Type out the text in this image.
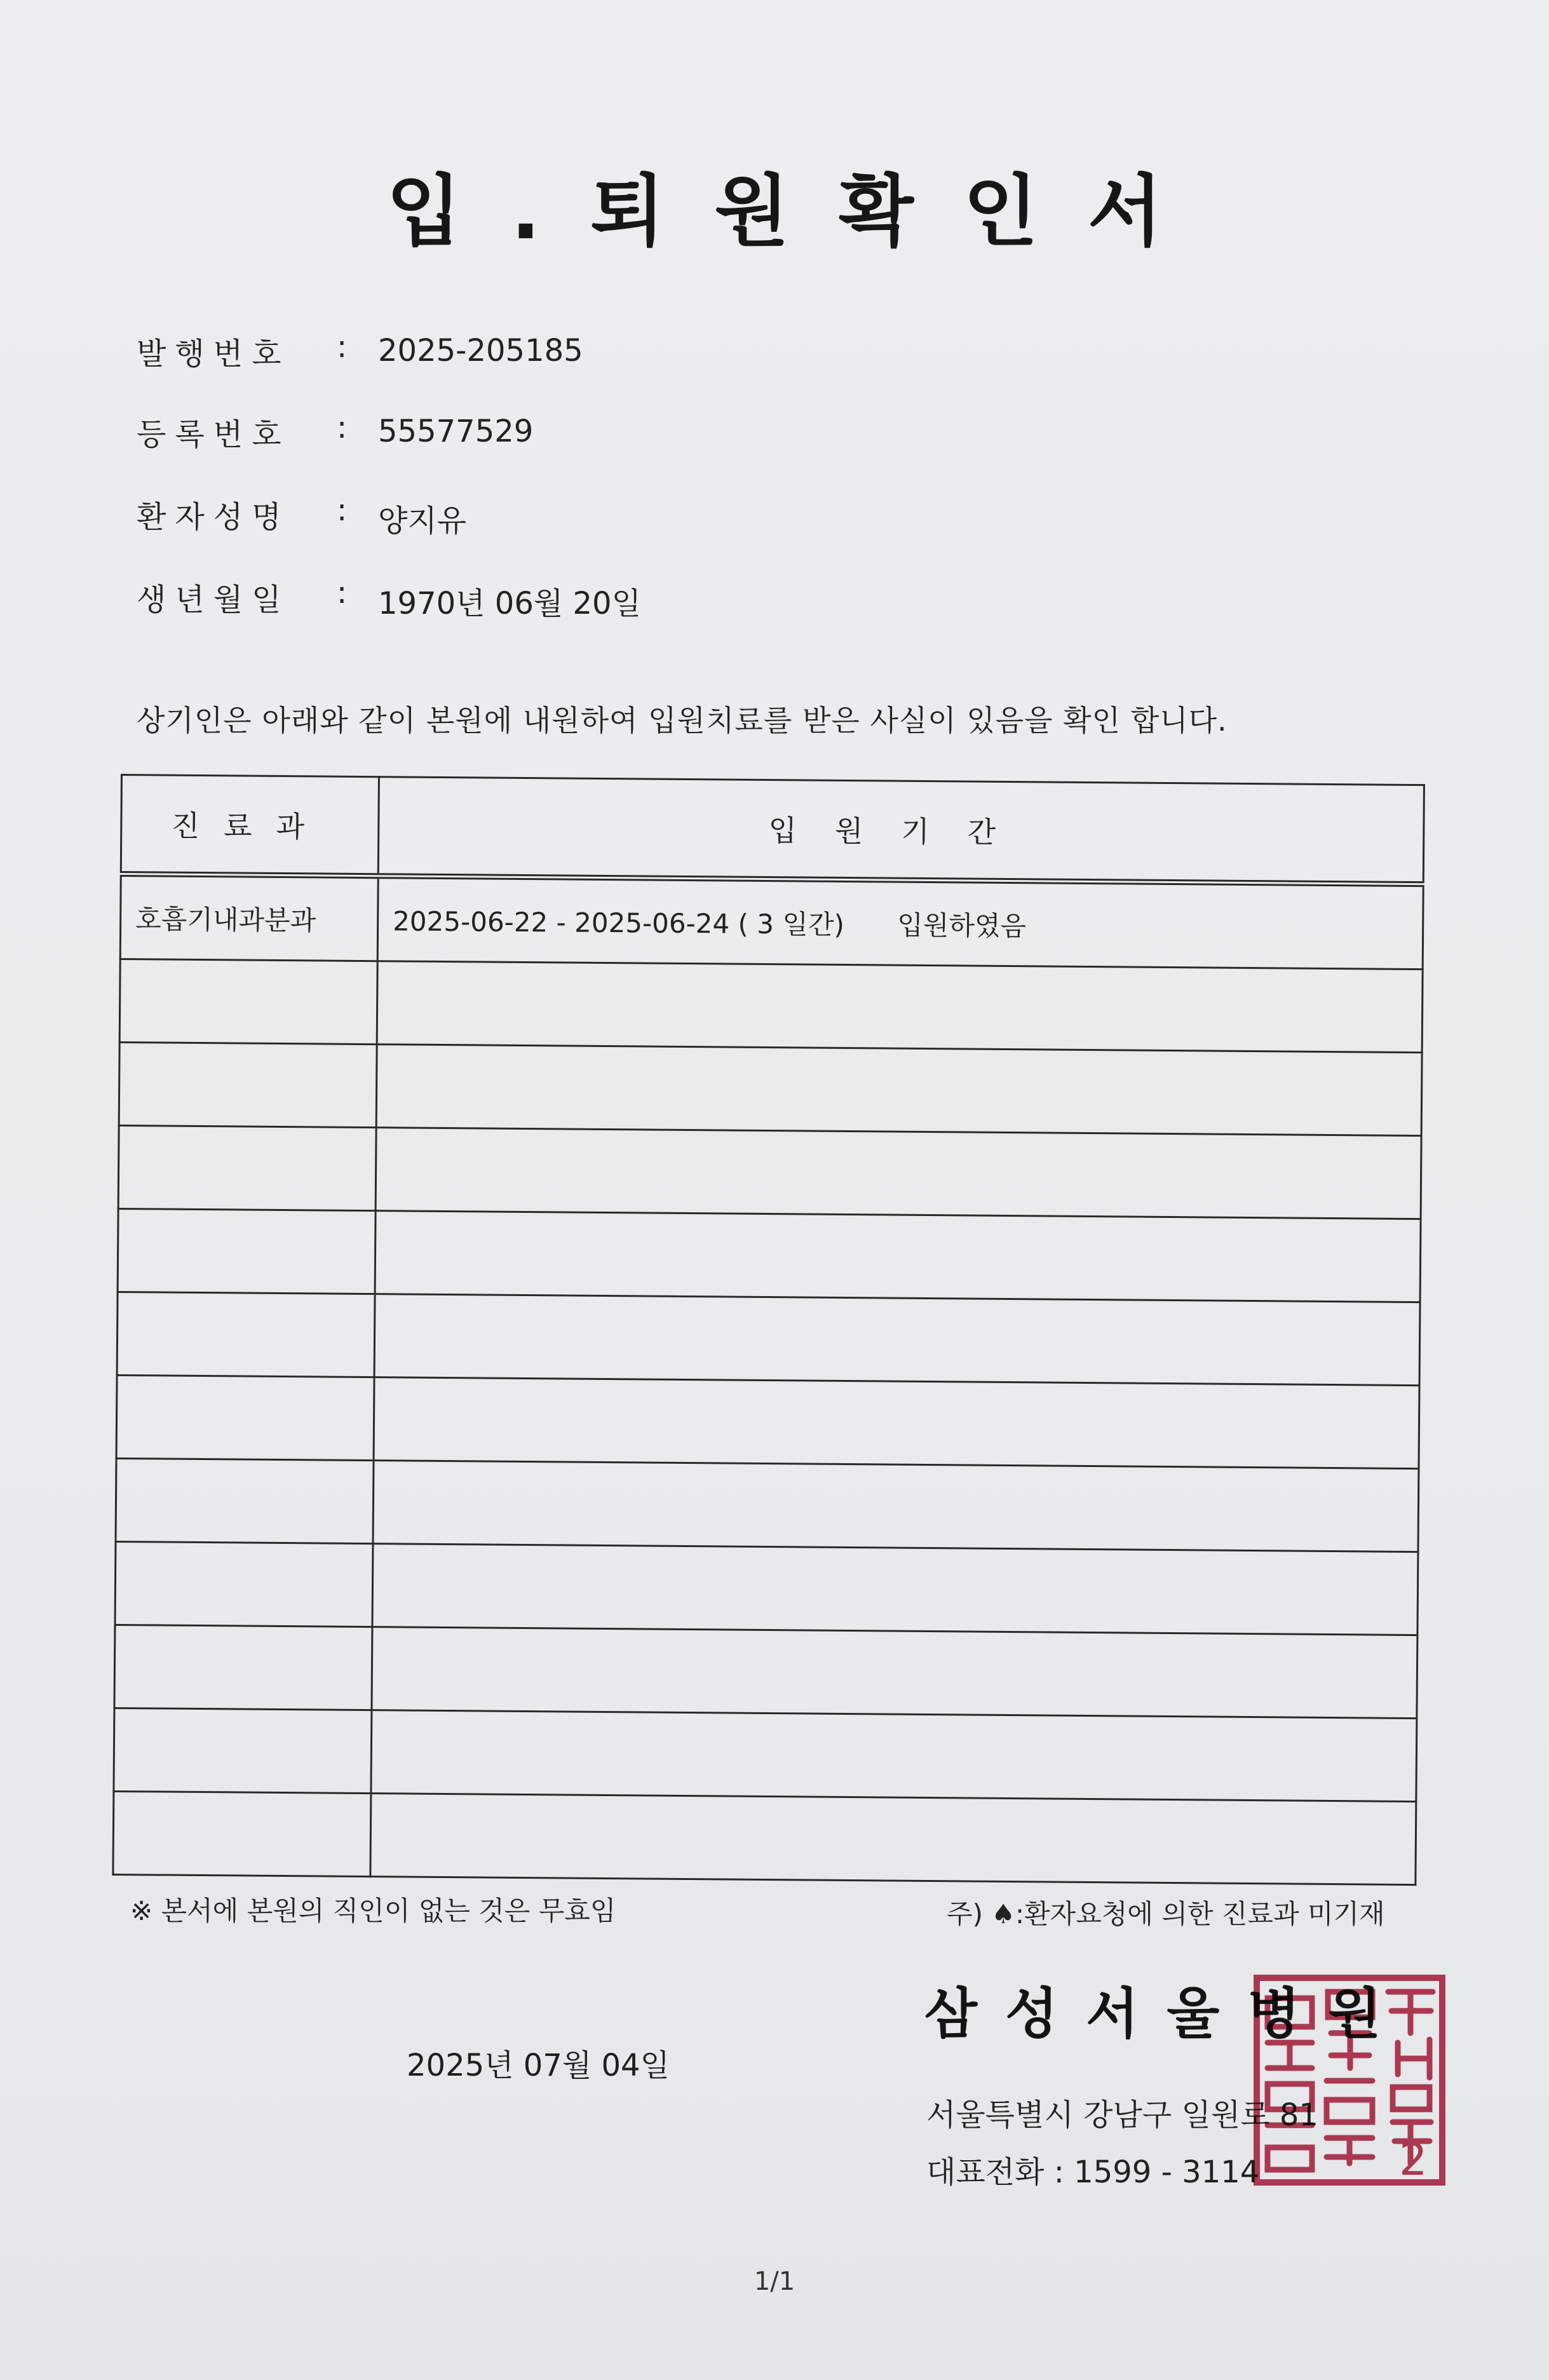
입.퇴원확인서
발행번호	: 2025-205185
등록번호	: 55577529
환자성명	: 양지유
생년월일	: 1970년 06월 20일
상기인은 아래와 같이 본원에 내원하여 입원치료를 받은 사실이 있음을 확인 합니다.
진료과	입원기간
호흡기내과분과	2025-06-22 - 2025-06-24 ( 3 일간) 입원하였음

※ 본서에 본원의 직인이 없는 것은 무효임	주) ♠:환자요청에 의한 진료과 미기재
2025년 07월 04일
삼성서울병원
서울특별시 강남구 일원로 81
대표전화 : 1599 - 3114	2
1/1
